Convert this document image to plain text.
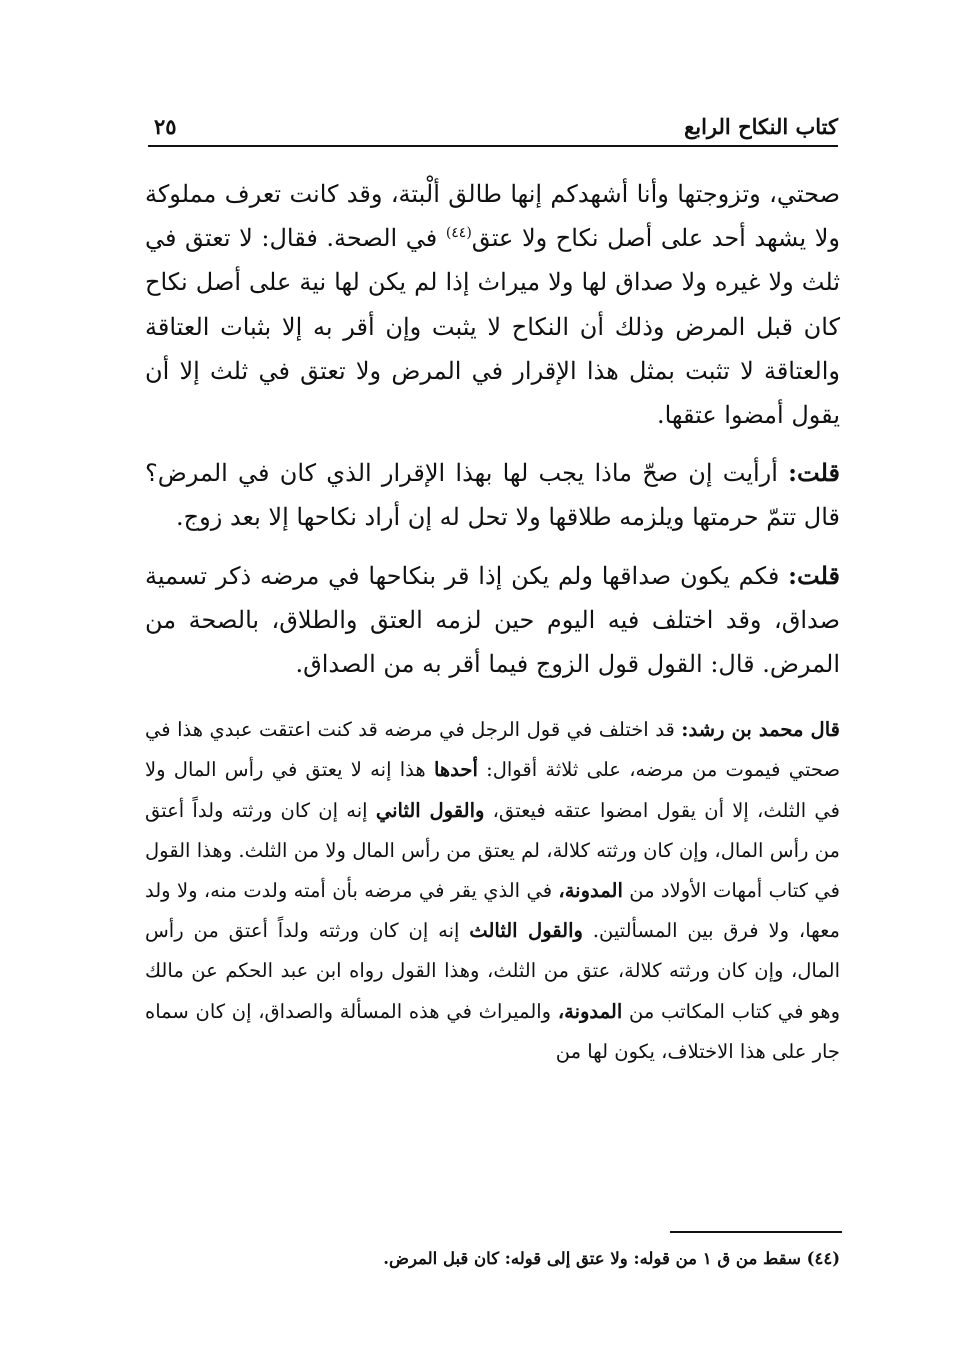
كتاب النكاح الرابع
٢٥

صحتي، وتزوجتها وأنا أشهدكم إنها طالق ألْبتة، وقد كانت تعرف مملوكة ولا يشهد أحد على أصل نكاح ولا عتق$^{(٤٤)}$ في الصحة. فقال: لا تعتق في ثلث ولا غيره ولا صداق لها ولا ميراث إذا لم يكن لها نية على أصل نكاح كان قبل المرض وذلك أن النكاح لا يثبت وإن أقر به إلا بثبات العتاقة والعتاقة لا تثبت بمثل هذا الإقرار في المرض ولا تعتق في ثلث إلا أن يقول أمضوا عتقها.

قلت: أرأيت إن صحّ ماذا يجب لها بهذا الإقرار الذي كان في المرض؟ قال تتمّ حرمتها ويلزمه طلاقها ولا تحل له إن أراد نكاحها إلا بعد زوج.

قلت: فكم يكون صداقها ولم يكن إذا قر بنكاحها في مرضه ذكر تسمية صداق، وقد اختلف فيه اليوم حين لزمه العتق والطلاق، بالصحة من المرض. قال: القول قول الزوج فيما أقر به من الصداق.

قال محمد بن رشد: قد اختلف في قول الرجل في مرضه قد كنت اعتقت عبدي هذا في صحتي فيموت من مرضه، على ثلاثة أقوال: أحدها هذا إنه لا يعتق في رأس المال ولا في الثلث، إلا أن يقول امضوا عتقه فيعتق، والقول الثاني إنه إن كان ورثته ولداً أعتق من رأس المال، وإن كان ورثته كلالة، لم يعتق من رأس المال ولا من الثلث. وهذا القول في كتاب أمهات الأولاد من المدونة، في الذي يقر في مرضه بأن أمته ولدت منه، ولا ولد معها، ولا فرق بين المسألتين. والقول الثالث إنه إن كان ورثته ولداً أعتق من رأس المال، وإن كان ورثته كلالة، عتق من الثلث، وهذا القول رواه ابن عبد الحكم عن مالك وهو في كتاب المكاتب من المدونة، والميراث في هذه المسألة والصداق، إن كان سماه جار على هذا الاختلاف، يكون لها من

(٤٤) سقط من ق ١ من قوله: ولا عتق إلى قوله: كان قبل المرض.
